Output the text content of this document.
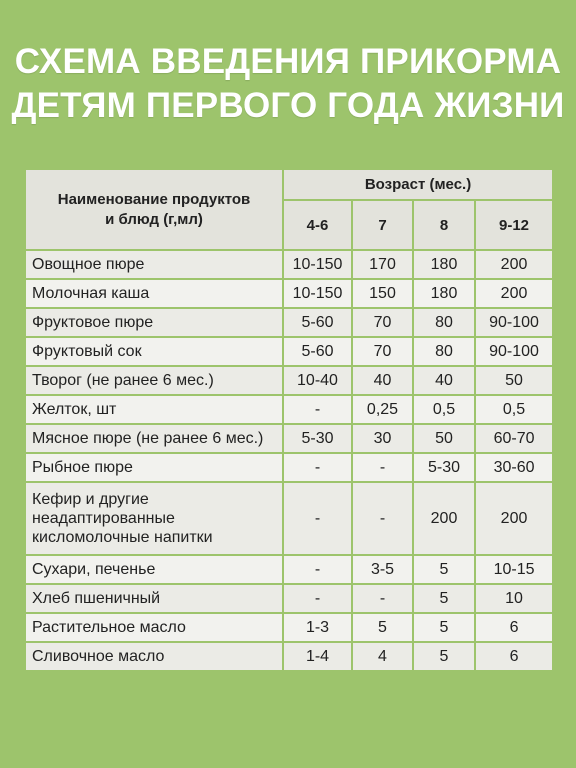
СХЕМА ВВЕДЕНИЯ ПРИКОРМА
ДЕТЯМ ПЕРВОГО ГОДА ЖИЗНИ
Наименование продуктов
и блюд (г,мл)	Возраст (мес.)			
	4-6	7	8	9-12
Овощное пюре	10-150	170	180	200
Молочная каша	10-150	150	180	200
Фруктовое пюре	5-60	70	80	90-100
Фруктовый сок	5-60	70	80	90-100
Творог (не ранее 6 мес.)	10-40	40	40	50
Желток, шт	-	0,25	0,5	0,5
Мясное пюре (не ранее 6 мес.)	5-30	30	50	60-70
Рыбное пюре	-	-	5-30	30-60
Кефир и другие неадаптированные кисломолочные напитки	-	-	200	200
Сухари, печенье	-	3-5	5	10-15
Хлеб пшеничный	-	-	5	10
Растительное масло	1-3	5	5	6
Сливочное масло	1-4	4	5	6
